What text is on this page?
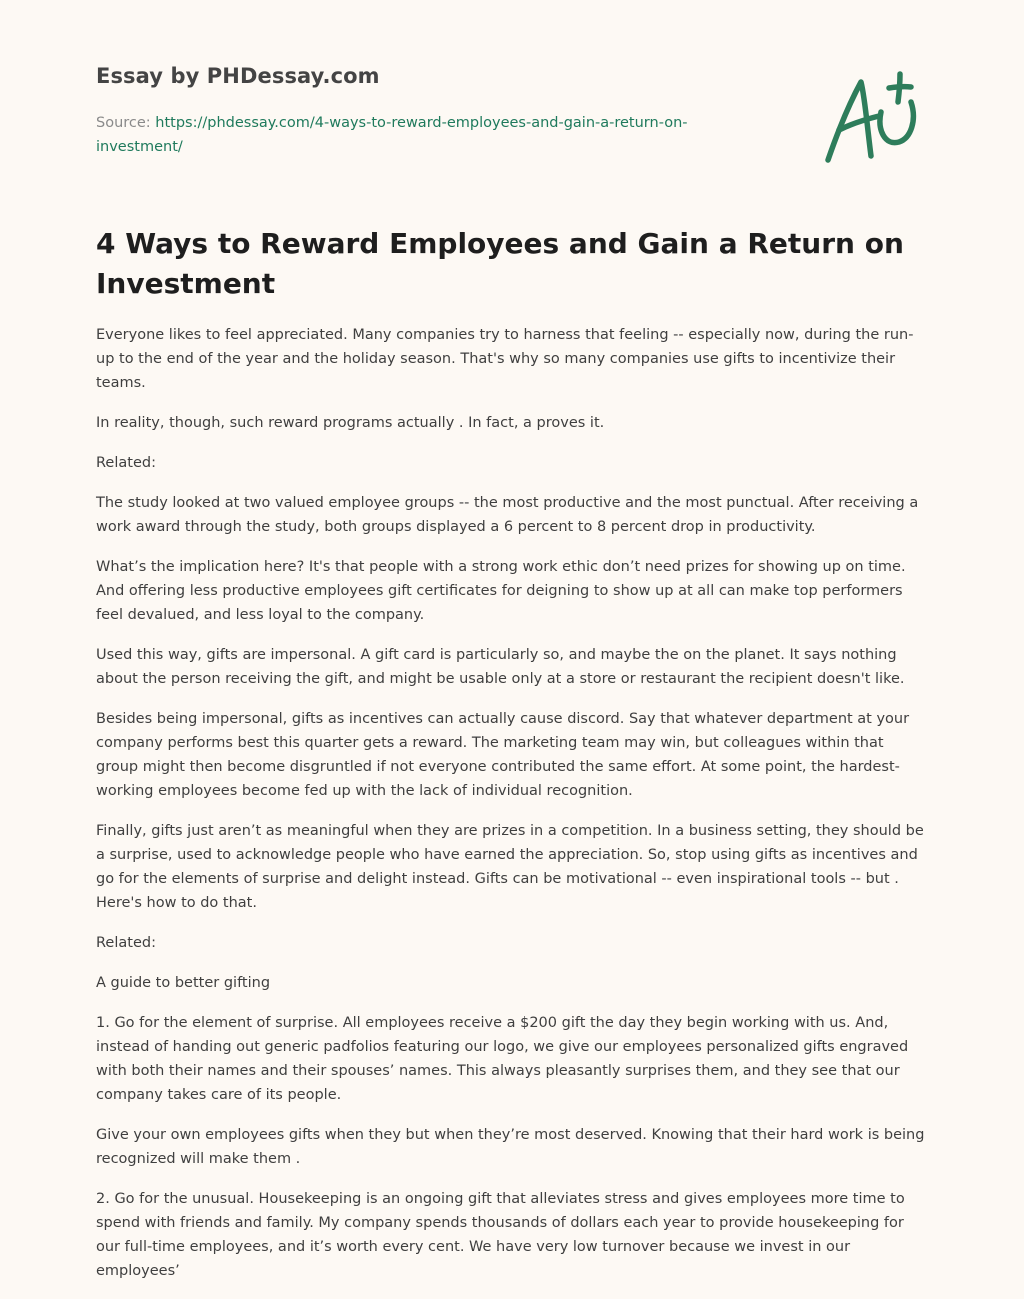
Essay by PHDessay.com
Source: https://phdessay.com/4-ways-to-reward-employees-and-gain-a-return-on-investment/
4 Ways to Reward Employees and Gain a Return on Investment

Everyone likes to feel appreciated. Many companies try to harness that feeling -- especially now, during the run-up to the end of the year and the holiday season. That's why so many companies use gifts to incentivize their teams.

In reality, though, such reward programs actually . In fact, a proves it.

Related:

The study looked at two valued employee groups -- the most productive and the most punctual. After receiving a work award through the study, both groups displayed a 6 percent to 8 percent drop in productivity.

What’s the implication here? It's that people with a strong work ethic don’t need prizes for showing up on time. And offering less productive employees gift certificates for deigning to show up at all can make top performers feel devalued, and less loyal to the company.

Used this way, gifts are impersonal. A gift card is particularly so, and maybe the on the planet. It says nothing about the person receiving the gift, and might be usable only at a store or restaurant the recipient doesn't like.

Besides being impersonal, gifts as incentives can actually cause discord. Say that whatever department at your company performs best this quarter gets a reward. The marketing team may win, but colleagues within that group might then become disgruntled if not everyone contributed the same effort. At some point, the hardest-working employees become fed up with the lack of individual recognition.

Finally, gifts just aren’t as meaningful when they are prizes in a competition. In a business setting, they should be a surprise, used to acknowledge people who have earned the appreciation. So, stop using gifts as incentives and go for the elements of surprise and delight instead. Gifts can be motivational -- even inspirational tools -- but . Here's how to do that.

Related:

A guide to better gifting

1. Go for the element of surprise. All employees receive a $200 gift the day they begin working with us. And, instead of handing out generic padfolios featuring our logo, we give our employees personalized gifts engraved with both their names and their spouses’ names. This always pleasantly surprises them, and they see that our company takes care of its people.

Give your own employees gifts when they but when they’re most deserved. Knowing that their hard work is being recognized will make them .

2. Go for the unusual. Housekeeping is an ongoing gift that alleviates stress and gives employees more time to spend with friends and family. My company spends thousands of dollars each year to provide housekeeping for our full-time employees, and it’s worth every cent. We have very low turnover because we invest in our employees’
